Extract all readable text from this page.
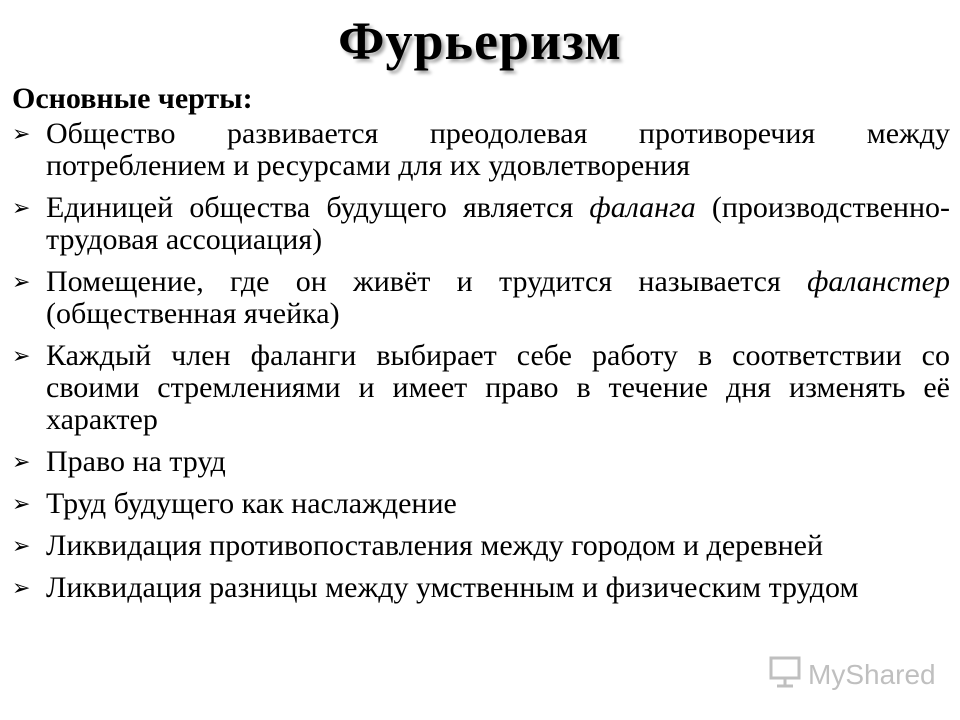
Фурьеризм
Основные черты:
➢ Общество развивается преодолевая противоречия между потреблением и ресурсами для их удовлетворения
➢ Единицей общества будущего является фаланга (производственно-трудовая ассоциация)
➢ Помещение, где он живёт и трудится называется фаланстер (общественная ячейка)
➢ Каждый член фаланги выбирает себе работу в соответствии со своими стремлениями и имеет право в течение дня изменять её характер
➢ Право на труд
➢ Труд будущего как наслаждение
➢ Ликвидация противопоставления между городом и деревней
➢ Ликвидация разницы между умственным и физическим трудом
MyShared
